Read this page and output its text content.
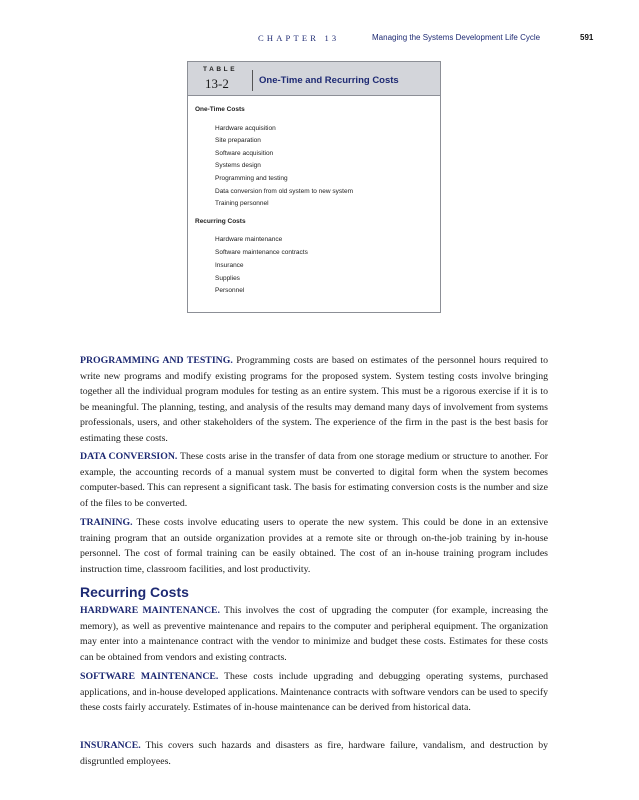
CHAPTER 13	Managing the Systems Development Life Cycle	591
TABLE
13-2	One-Time and Recurring Costs
One-Time Costs
Hardware acquisition
Site preparation
Software acquisition
Systems design
Programming and testing
Data conversion from old system to new system
Training personnel
Recurring Costs
Hardware maintenance
Software maintenance contracts
Insurance
Supplies
Personnel

PROGRAMMING AND TESTING. Programming costs are based on estimates of the personnel hours required to write new programs and modify existing programs for the proposed system. System testing costs involve bringing together all the individual program modules for testing as an entire system. This must be a rigorous exercise if it is to be meaningful. The planning, testing, and analysis of the results may demand many days of involvement from systems professionals, users, and other stakeholders of the system. The experience of the firm in the past is the best basis for estimating these costs.

DATA CONVERSION. These costs arise in the transfer of data from one storage medium or structure to another. For example, the accounting records of a manual system must be converted to digital form when the system becomes computer-based. This can represent a significant task. The basis for estimating conversion costs is the number and size of the files to be converted.

TRAINING. These costs involve educating users to operate the new system. This could be done in an extensive training program that an outside organization provides at a remote site or through on-the-job training by in-house personnel. The cost of formal training can be easily obtained. The cost of an in-house training program includes instruction time, classroom facilities, and lost productivity.

Recurring Costs

HARDWARE MAINTENANCE. This involves the cost of upgrading the computer (for example, increasing the memory), as well as preventive maintenance and repairs to the computer and peripheral equipment. The organization may enter into a maintenance contract with the vendor to minimize and budget these costs. Estimates for these costs can be obtained from vendors and existing contracts.

SOFTWARE MAINTENANCE. These costs include upgrading and debugging operating systems, purchased applications, and in-house developed applications. Maintenance contracts with software vendors can be used to specify these costs fairly accurately. Estimates of in-house maintenance can be derived from historical data.

INSURANCE. This covers such hazards and disasters as fire, hardware failure, vandalism, and destruction by disgruntled employees.
